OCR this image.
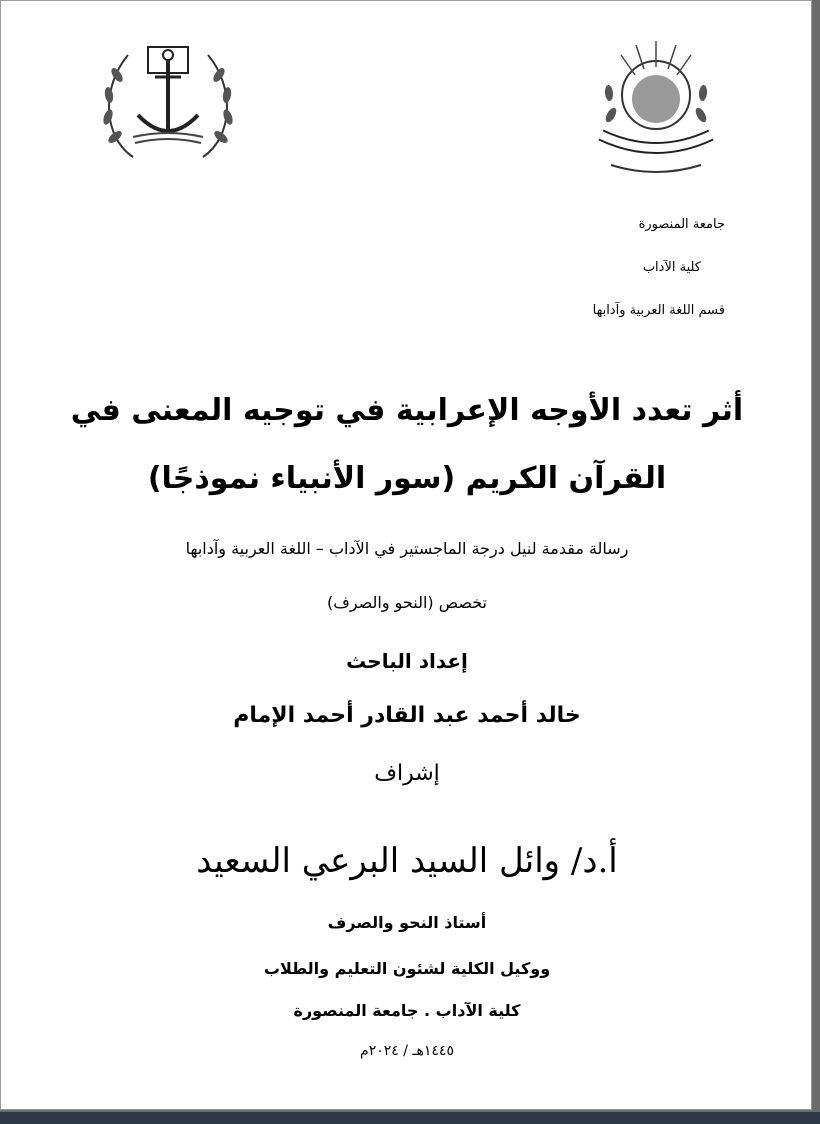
جامعة المنصورة
كلية الآداب
قسم اللغة العربية وآدابها
أثر تعدد الأوجه الإعرابية في توجيه المعنى في
القرآن الكريم (سور الأنبياء نموذجًا)
رسالة مقدمة لنيل درجة الماجستير في الآداب – اللغة العربية وآدابها
تخصص (النحو والصرف)
إعداد الباحث
خالد أحمد عبد القادر أحمد الإمام
إشراف
أ.د/ وائل السيد البرعي السعيد
أستاذ النحو والصرف
ووكيل الكلية لشئون التعليم والطلاب
كلية الآداب . جامعة المنصورة
١٤٤٥هـ / ٢٠٢٤م
